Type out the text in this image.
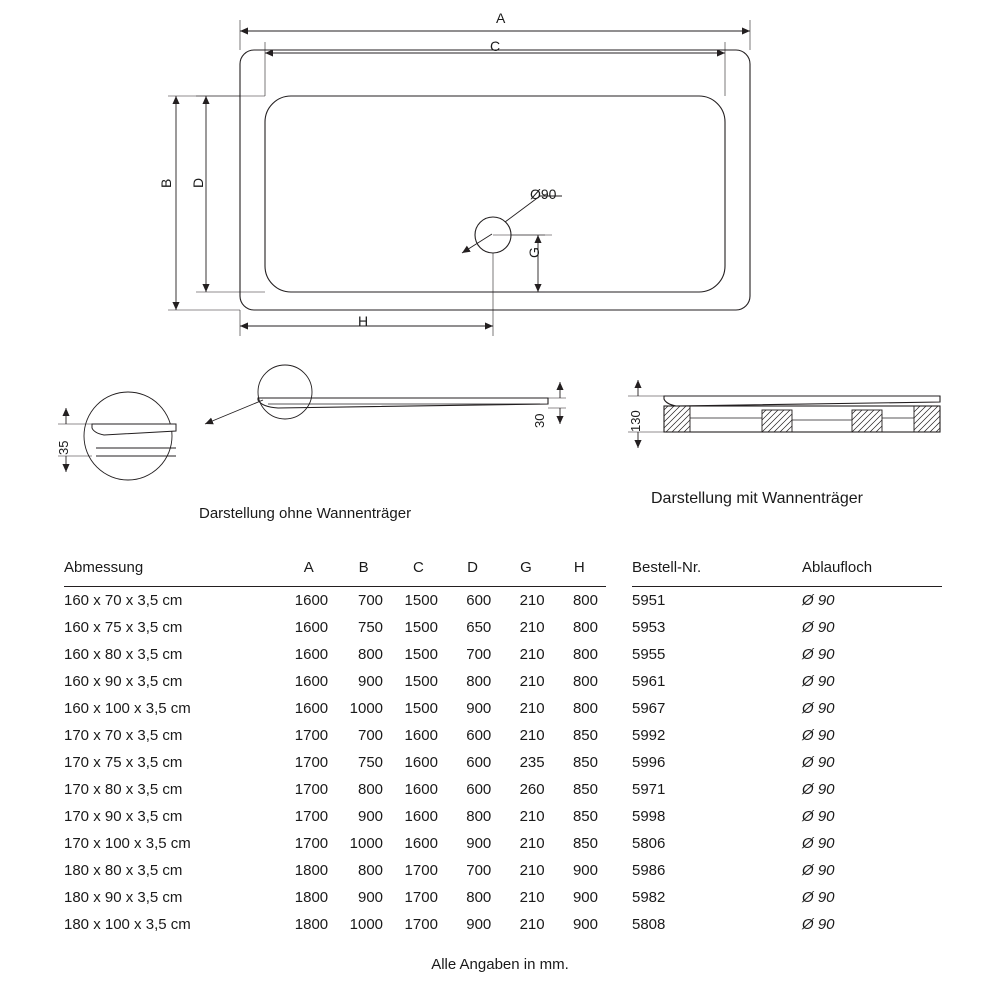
A
C
B D
H
G
Ø90
30
35
130
Darstellung ohne Wannenträger
Darstellung mit Wannenträger
Abmessung	A	B	C	D	G	H
160 x 70 x 3,5 cm	1600	700	1500	600	210	800
160 x 75 x 3,5 cm	1600	750	1500	650	210	800
160 x 80 x 3,5 cm	1600	800	1500	700	210	800
160 x 90 x 3,5 cm	1600	900	1500	800	210	800
160 x 100 x 3,5 cm	1600	1000	1500	900	210	800
170 x 70 x 3,5 cm	1700	700	1600	600	210	850
170 x 75 x 3,5 cm	1700	750	1600	600	235	850
170 x 80 x 3,5 cm	1700	800	1600	600	260	850
170 x 90 x 3,5 cm	1700	900	1600	800	210	850
170 x 100 x 3,5 cm	1700	1000	1600	900	210	850
180 x 80 x 3,5 cm	1800	800	1700	700	210	900
180 x 90 x 3,5 cm	1800	900	1700	800	210	900
180 x 100 x 3,5 cm	1800	1000	1700	900	210	900
Bestell-Nr.	Ablaufloch
5951	Ø 90
5953	Ø 90
5955	Ø 90
5961	Ø 90
5967	Ø 90
5992	Ø 90
5996	Ø 90
5971	Ø 90
5998	Ø 90
5806	Ø 90
5986	Ø 90
5982	Ø 90
5808	Ø 90
Alle Angaben in mm.
